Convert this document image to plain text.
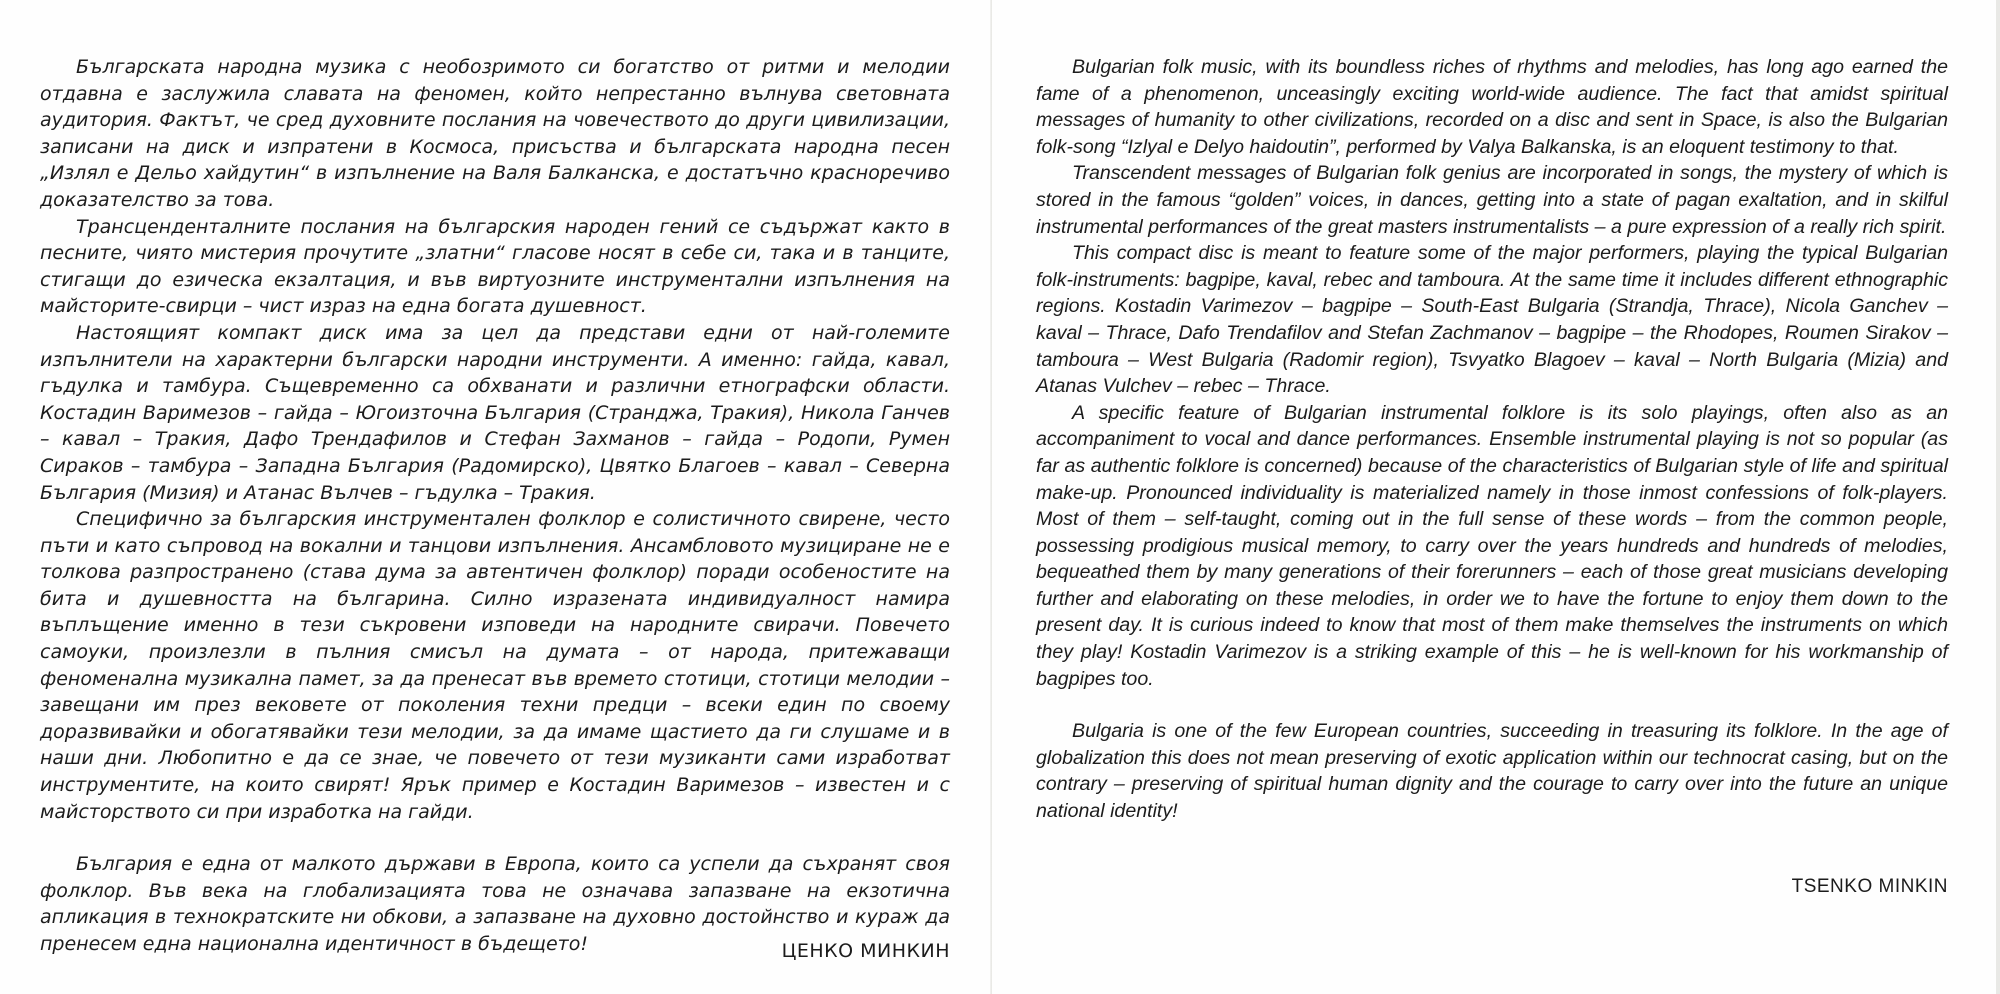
Българската народна музика с необозримото си богатство от ритми и мелодии отдавна е заслужила славата на феномен, който непрестанно вълнува световната аудитория. Фактът, че сред духовните послания на човечеството до други цивилизации, записани на диск и изпратени в Космоса, присъства и българската народна песен „Излял е Дельо хайдутин“ в изпълнение на Валя Балканска, е достатъчно красноречиво доказателство за това.

Трансценденталните послания на българския народен гений се съдържат както в песните, чиято мистерия прочутите „златни“ гласове носят в себе си, така и в танците, стигащи до езическа екзалтация, и във виртуозните инструментални изпълнения на майсторите-свирци – чист израз на една богата душевност.

Настоящият компакт диск има за цел да представи едни от най-големите изпълнители на характерни български народни инструменти. А именно: гайда, кавал, гъдулка и тамбура. Същевременно са обхванати и различни етнографски области. Костадин Варимезов – гайда – Югоизточна България (Странджа, Тракия), Никола Ганчев – кавал – Тракия, Дафо Трендафилов и Стефан Захманов – гайда – Родопи, Румен Сираков – тамбура – Западна България (Радомирско), Цвятко Благоев – кавал – Северна България (Мизия) и Атанас Вълчев – гъдулка – Тракия.

Специфично за българския инструментален фолклор е солистичното свирене, често пъти и като съпровод на вокални и танцови изпълнения. Ансамбловото музициране не е толкова разпространено (става дума за автентичен фолклор) поради особеностите на бита и душевността на българина. Силно изразената индивидуалност намира въплъщение именно в тези съкровени изповеди на народните свирачи. Повечето самоуки, произлезли в пълния смисъл на думата – от народа, притежаващи феноменална музикална памет, за да пренесат във времето стотици, стотици мелодии – завещани им през вековете от поколения техни предци – всеки един по своему доразвивайки и обогатявайки тези мелодии, за да имаме щастието да ги слушаме и в наши дни. Любопитно е да се знае, че повечето от тези музиканти сами изработват инструментите, на които свирят! Ярък пример е Костадин Варимезов – известен и с майсторството си при изработка на гайди.

България е една от малкото държави в Европа, които са успели да съхранят своя фолклор. Във века на глобализацията това не означава запазване на екзотична апликация в технократските ни обкови, а запазване на духовно достойнство и кураж да пренесем една национална идентичност в бъдещето!	ЦЕНКО МИНКИН

Bulgarian folk music, with its boundless riches of rhythms and melodies, has long ago earned the fame of a phenomenon, unceasingly exciting world-wide audience. The fact that amidst spiritual messages of humanity to other civilizations, recorded on a disc and sent in Space, is also the Bulgarian folk-song “Izlyal e Delyo haidoutin”, performed by Valya Balkanska, is an eloquent testimony to that.

Transcendent messages of Bulgarian folk genius are incorporated in songs, the mystery of which is stored in the famous “golden” voices, in dances, getting into a state of pagan exaltation, and in skilful instrumental performances of the great masters instrumentalists – a pure expression of a really rich spirit.

This compact disc is meant to feature some of the major performers, playing the typical Bulgarian folk-instruments: bagpipe, kaval, rebec and tamboura. At the same time it includes different ethnographic regions. Kostadin Varimezov – bagpipe – South-East Bulgaria (Strandja, Thrace), Nicola Ganchev – kaval – Thrace, Dafo Trendafilov and Stefan Zachmanov – bagpipe – the Rhodopes, Roumen Sirakov – tamboura – West Bulgaria (Radomir region), Tsvyatko Blagoev – kaval – North Bulgaria (Mizia) and Atanas Vulchev – rebec – Thrace.

A specific feature of Bulgarian instrumental folklore is its solo playings, often also as an accompaniment to vocal and dance performances. Ensemble instrumental playing is not so popular (as far as authentic folklore is concerned) because of the characteristics of Bulgarian style of life and spiritual make-up. Pronounced individuality is materialized namely in those inmost confessions of folk-players. Most of them – self-taught, coming out in the full sense of these words – from the common people, possessing prodigious musical memory, to carry over the years hundreds and hundreds of melodies, bequeathed them by many generations of their forerunners – each of those great musicians developing further and elaborating on these melodies, in order we to have the fortune to enjoy them down to the present day. It is curious indeed to know that most of them make themselves the instruments on which they play! Kostadin Varimezov is a striking example of this – he is well-known for his workmanship of bagpipes too.

Bulgaria is one of the few European countries, succeeding in treasuring its folklore. In the age of globalization this does not mean preserving of exotic application within our technocrat casing, but on the contrary – preserving of spiritual human dignity and the courage to carry over into the future an unique national identity!

TSENKO MINKIN
